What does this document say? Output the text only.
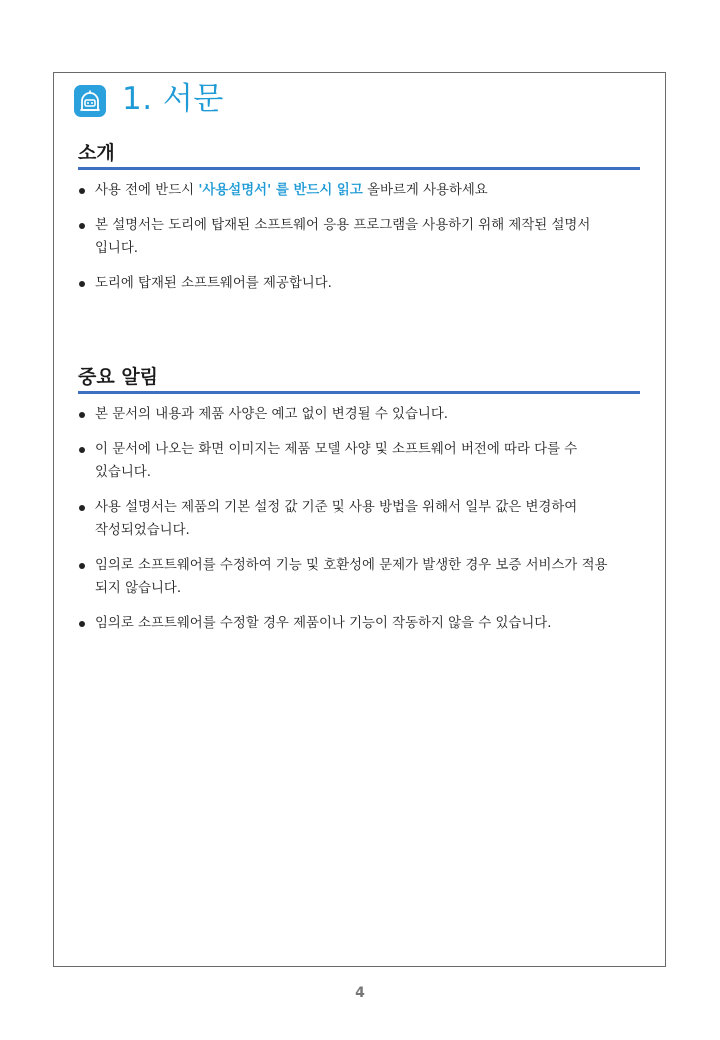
1. 서문
소개
사용 전에 반드시 '사용설명서' 를 반드시 읽고 올바르게 사용하세요
본 설명서는 도리에 탑재된 소프트웨어 응용 프로그램을 사용하기 위해 제작된 설명서
입니다.
도리에 탑재된 소프트웨어를 제공합니다.
중요 알림
본 문서의 내용과 제품 사양은 예고 없이 변경될 수 있습니다.
이 문서에 나오는 화면 이미지는 제품 모델 사양 및 소프트웨어 버전에 따라 다를 수
있습니다.
사용 설명서는 제품의 기본 설정 값 기준 및 사용 방법을 위해서 일부 값은 변경하여
작성되었습니다.
임의로 소프트웨어를 수정하여 기능 및 호환성에 문제가 발생한 경우 보증 서비스가 적용
되지 않습니다.
임의로 소프트웨어를 수정할 경우 제품이나 기능이 작동하지 않을 수 있습니다.
4
